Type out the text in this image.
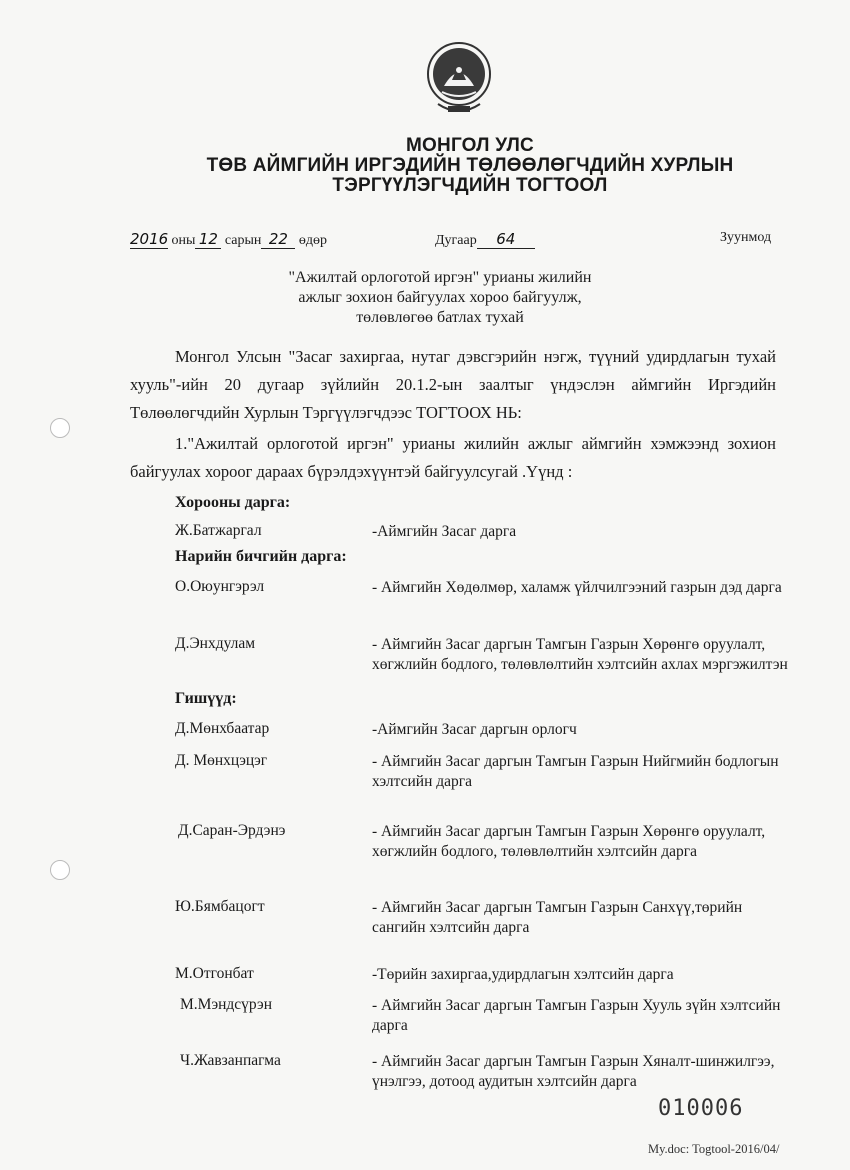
МОНГОЛ УЛС
ТӨВ АЙМГИЙН ИРГЭДИЙН ТӨЛӨӨЛӨГЧДИЙН ХУРЛЫН
ТЭРГҮҮЛЭГЧДИЙН ТОГТООЛ
2016 оны 12 сарын 22 өдөр	Дугаар 64	Зуунмод
"Ажилтай орлоготой иргэн" урианы жилийн
ажлыг зохион байгуулах хороо байгуулж,
төлөвлөгөө батлах тухай
Монгол Улсын "Засаг захиргаа, нутаг дэвсгэрийн нэгж, түүний удирдлагын тухай хууль"-ийн 20 дугаар зүйлийн 20.1.2-ын заалтыг үндэслэн аймгийн Иргэдийн Төлөөлөгчдийн Хурлын Тэргүүлэгчдээс ТОГТООХ НЬ:
1."Ажилтай орлоготой иргэн" урианы жилийн ажлыг аймгийн хэмжээнд зохион байгуулах хороог дараах бүрэлдэхүүнтэй байгуулсугай .Үүнд :
Хорооны дарга:
Нарийн бичгийн дарга:
Гишүүд:
Ж.Батжаргал	-Аймгийн Засаг дарга
О.Оюунгэрэл	- Аймгийн Хөдөлмөр, халамж үйлчилгээний газрын дэд дарга
Д.Энхдулам	- Аймгийн Засаг даргын Тамгын Газрын Хөрөнгө оруулалт, хөгжлийн бодлого, төлөвлөлтийн хэлтсийн ахлах мэргэжилтэн
Д.Мөнхбаатар	-Аймгийн Засаг даргын орлогч
Д. Мөнхцэцэг	- Аймгийн Засаг даргын Тамгын Газрын Нийгмийн бодлогын хэлтсийн дарга
Д.Саран-Эрдэнэ	- Аймгийн Засаг даргын Тамгын Газрын Хөрөнгө оруулалт, хөгжлийн бодлого, төлөвлөлтийн хэлтсийн дарга
Ю.Бямбацогт	- Аймгийн Засаг даргын Тамгын Газрын Санхүү,төрийн сангийн хэлтсийн дарга
М.Отгонбат	-Төрийн захиргаа,удирдлагын хэлтсийн дарга
М.Мэндсүрэн	- Аймгийн Засаг даргын Тамгын Газрын Хууль зүйн хэлтсийн дарга
Ч.Жавзанпагма	- Аймгийн Засаг даргын Тамгын Газрын Хяналт-шинжилгээ, үнэлгээ, дотоод аудитын хэлтсийн дарга
010006
My.doc: Togtool-2016/04/
